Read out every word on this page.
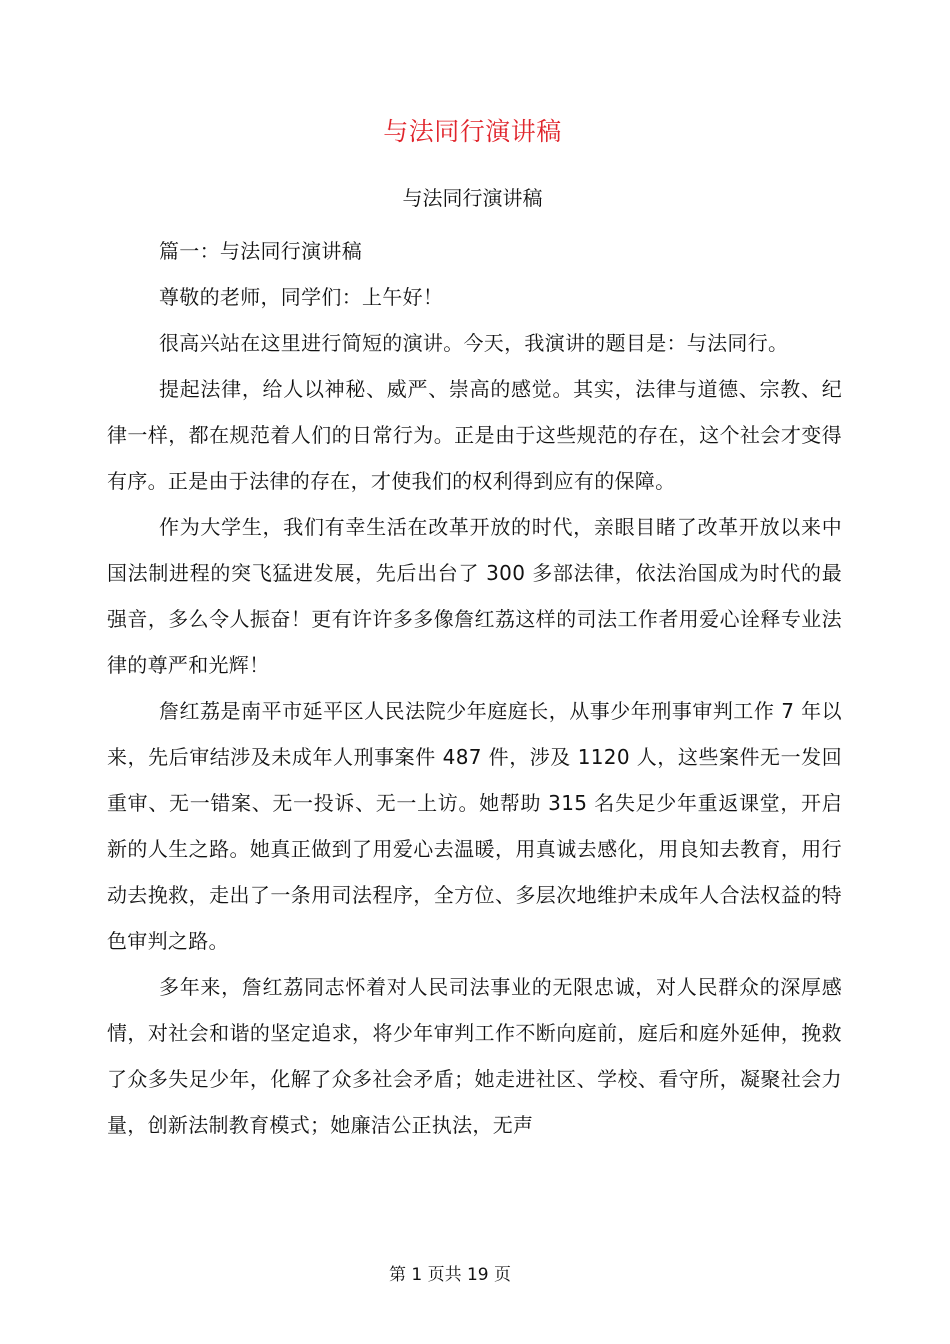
与法同行演讲稿
与法同行演讲稿

篇一：与法同行演讲稿

尊敬的老师，同学们：上午好！

很高兴站在这里进行简短的演讲。今天，我演讲的题目是：与法同行。

提起法律，给人以神秘、威严、崇高的感觉。其实，法律与道德、宗教、纪律一样，都在规范着人们的日常行为。正是由于这些规范的存在，这个社会才变得有序。正是由于法律的存在，才使我们的权利得到应有的保障。

作为大学生，我们有幸生活在改革开放的时代，亲眼目睹了改革开放以来中国法制进程的突飞猛进发展，先后出台了 300 多部法律，依法治国成为时代的最强音，多么令人振奋！更有许许多多像詹红荔这样的司法工作者用爱心诠释专业法律的尊严和光辉！

詹红荔是南平市延平区人民法院少年庭庭长，从事少年刑事审判工作 7 年以来，先后审结涉及未成年人刑事案件 487 件，涉及 1120 人，这些案件无一发回重审、无一错案、无一投诉、无一上访。她帮助 315 名失足少年重返课堂，开启新的人生之路。她真正做到了用爱心去温暖，用真诚去感化，用良知去教育，用行动去挽救，走出了一条用司法程序，全方位、多层次地维护未成年人合法权益的特色审判之路。

多年来，詹红荔同志怀着对人民司法事业的无限忠诚，对人民群众的深厚感情，对社会和谐的坚定追求，将少年审判工作不断向庭前，庭后和庭外延伸，挽救了众多失足少年，化解了众多社会矛盾；她走进社区、学校、看守所，凝聚社会力量，创新法制教育模式；她廉洁公正执法，无声

第 1 页共 19 页
